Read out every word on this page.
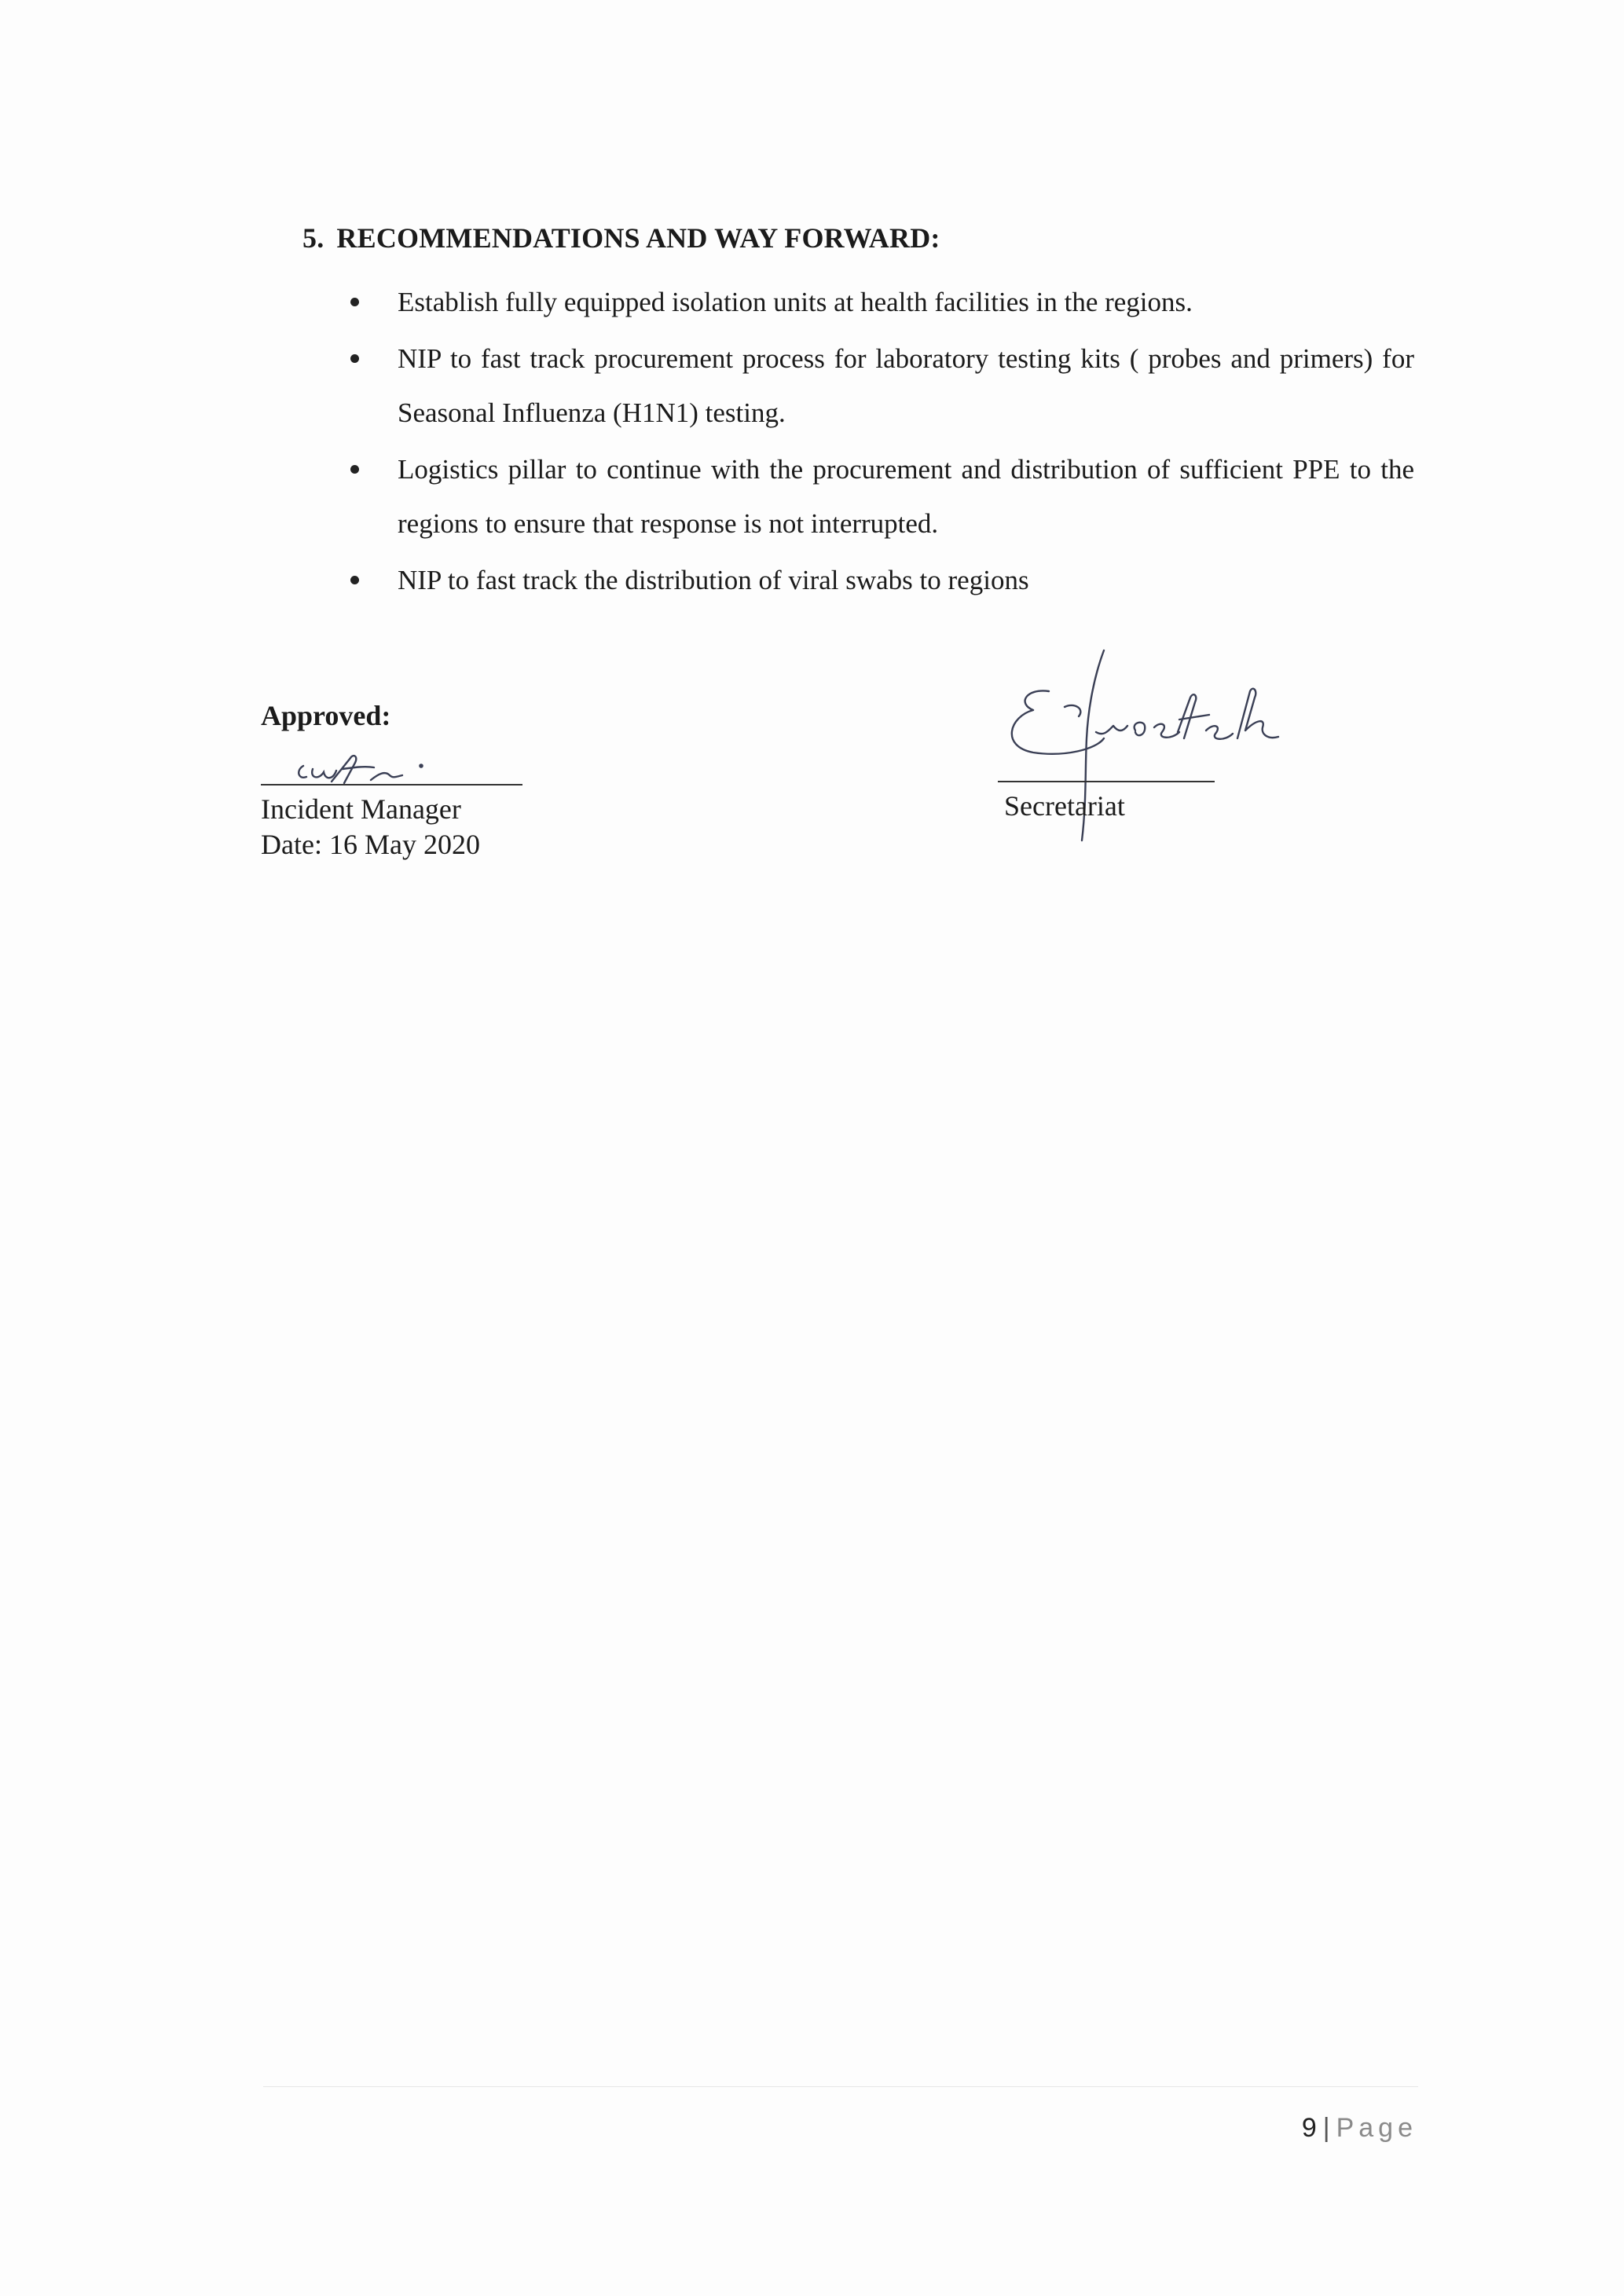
5. RECOMMENDATIONS AND WAY FORWARD:
Establish fully equipped isolation units at health facilities in the regions.
NIP to fast track procurement process for laboratory testing kits ( probes and primers) for Seasonal Influenza (H1N1) testing.
Logistics pillar to continue with the procurement and distribution of sufficient PPE to the regions to ensure that response is not interrupted.
NIP to fast track the distribution of viral swabs to regions
Approved:
Incident Manager
Date: 16 May 2020
Secretariat
9 | Page
